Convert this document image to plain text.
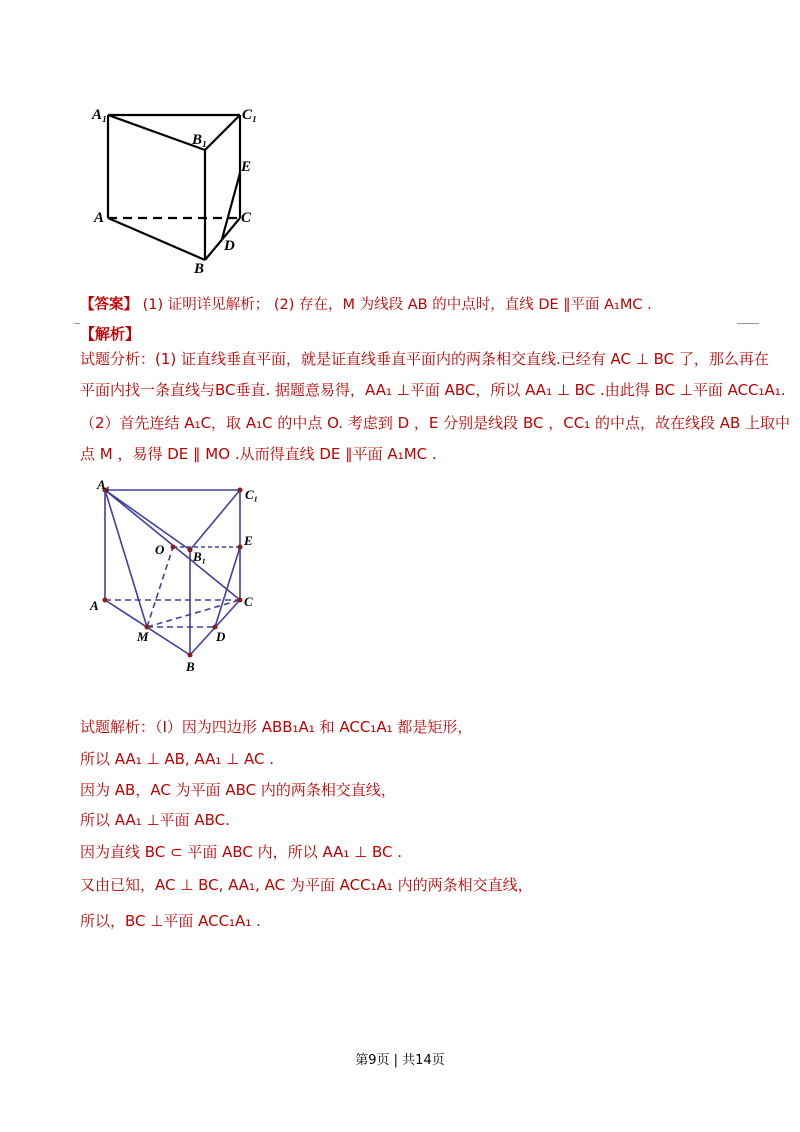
A₁	C₁
B₁
E
A	C
D
B
【答案】 (1) 证明详见解析； (2) 存在，M 为线段 AB 的中点时，直线 DE ∥平面 A₁MC .
【解析】
试题分析：(1) 证直线垂直平面，就是证直线垂直平面内的两条相交直线.已经有 AC ⊥ BC 了，那么再在
平面内找一条直线与BC垂直. 据题意易得，AA₁ ⊥平面 ABC，所以 AA₁ ⊥ BC .由此得 BC ⊥平面 ACC₁A₁.
（2）首先连结 A₁C，取 A₁C 的中点 O. 考虑到 D ，E 分别是线段 BC ，CC₁ 的中点，故在线段 AB 上取中
点 M ，易得 DE ∥ MO .从而得直线 DE ∥平面 A₁MC .
A₁
C₁
O B₁
E
A	C
M	D
B
试题解析：（Ⅰ）因为四边形 ABB₁A₁ 和 ACC₁A₁ 都是矩形，
所以 AA₁ ⊥ AB, AA₁ ⊥ AC .
因为 AB，AC 为平面 ABC 内的两条相交直线，
所以 AA₁ ⊥平面 ABC.
因为直线 BC ⊂ 平面 ABC 内，所以 AA₁ ⊥ BC .
又由已知，AC ⊥ BC, AA₁, AC 为平面 ACC₁A₁ 内的两条相交直线，
所以，BC ⊥平面 ACC₁A₁ .
第9页 | 共14页
